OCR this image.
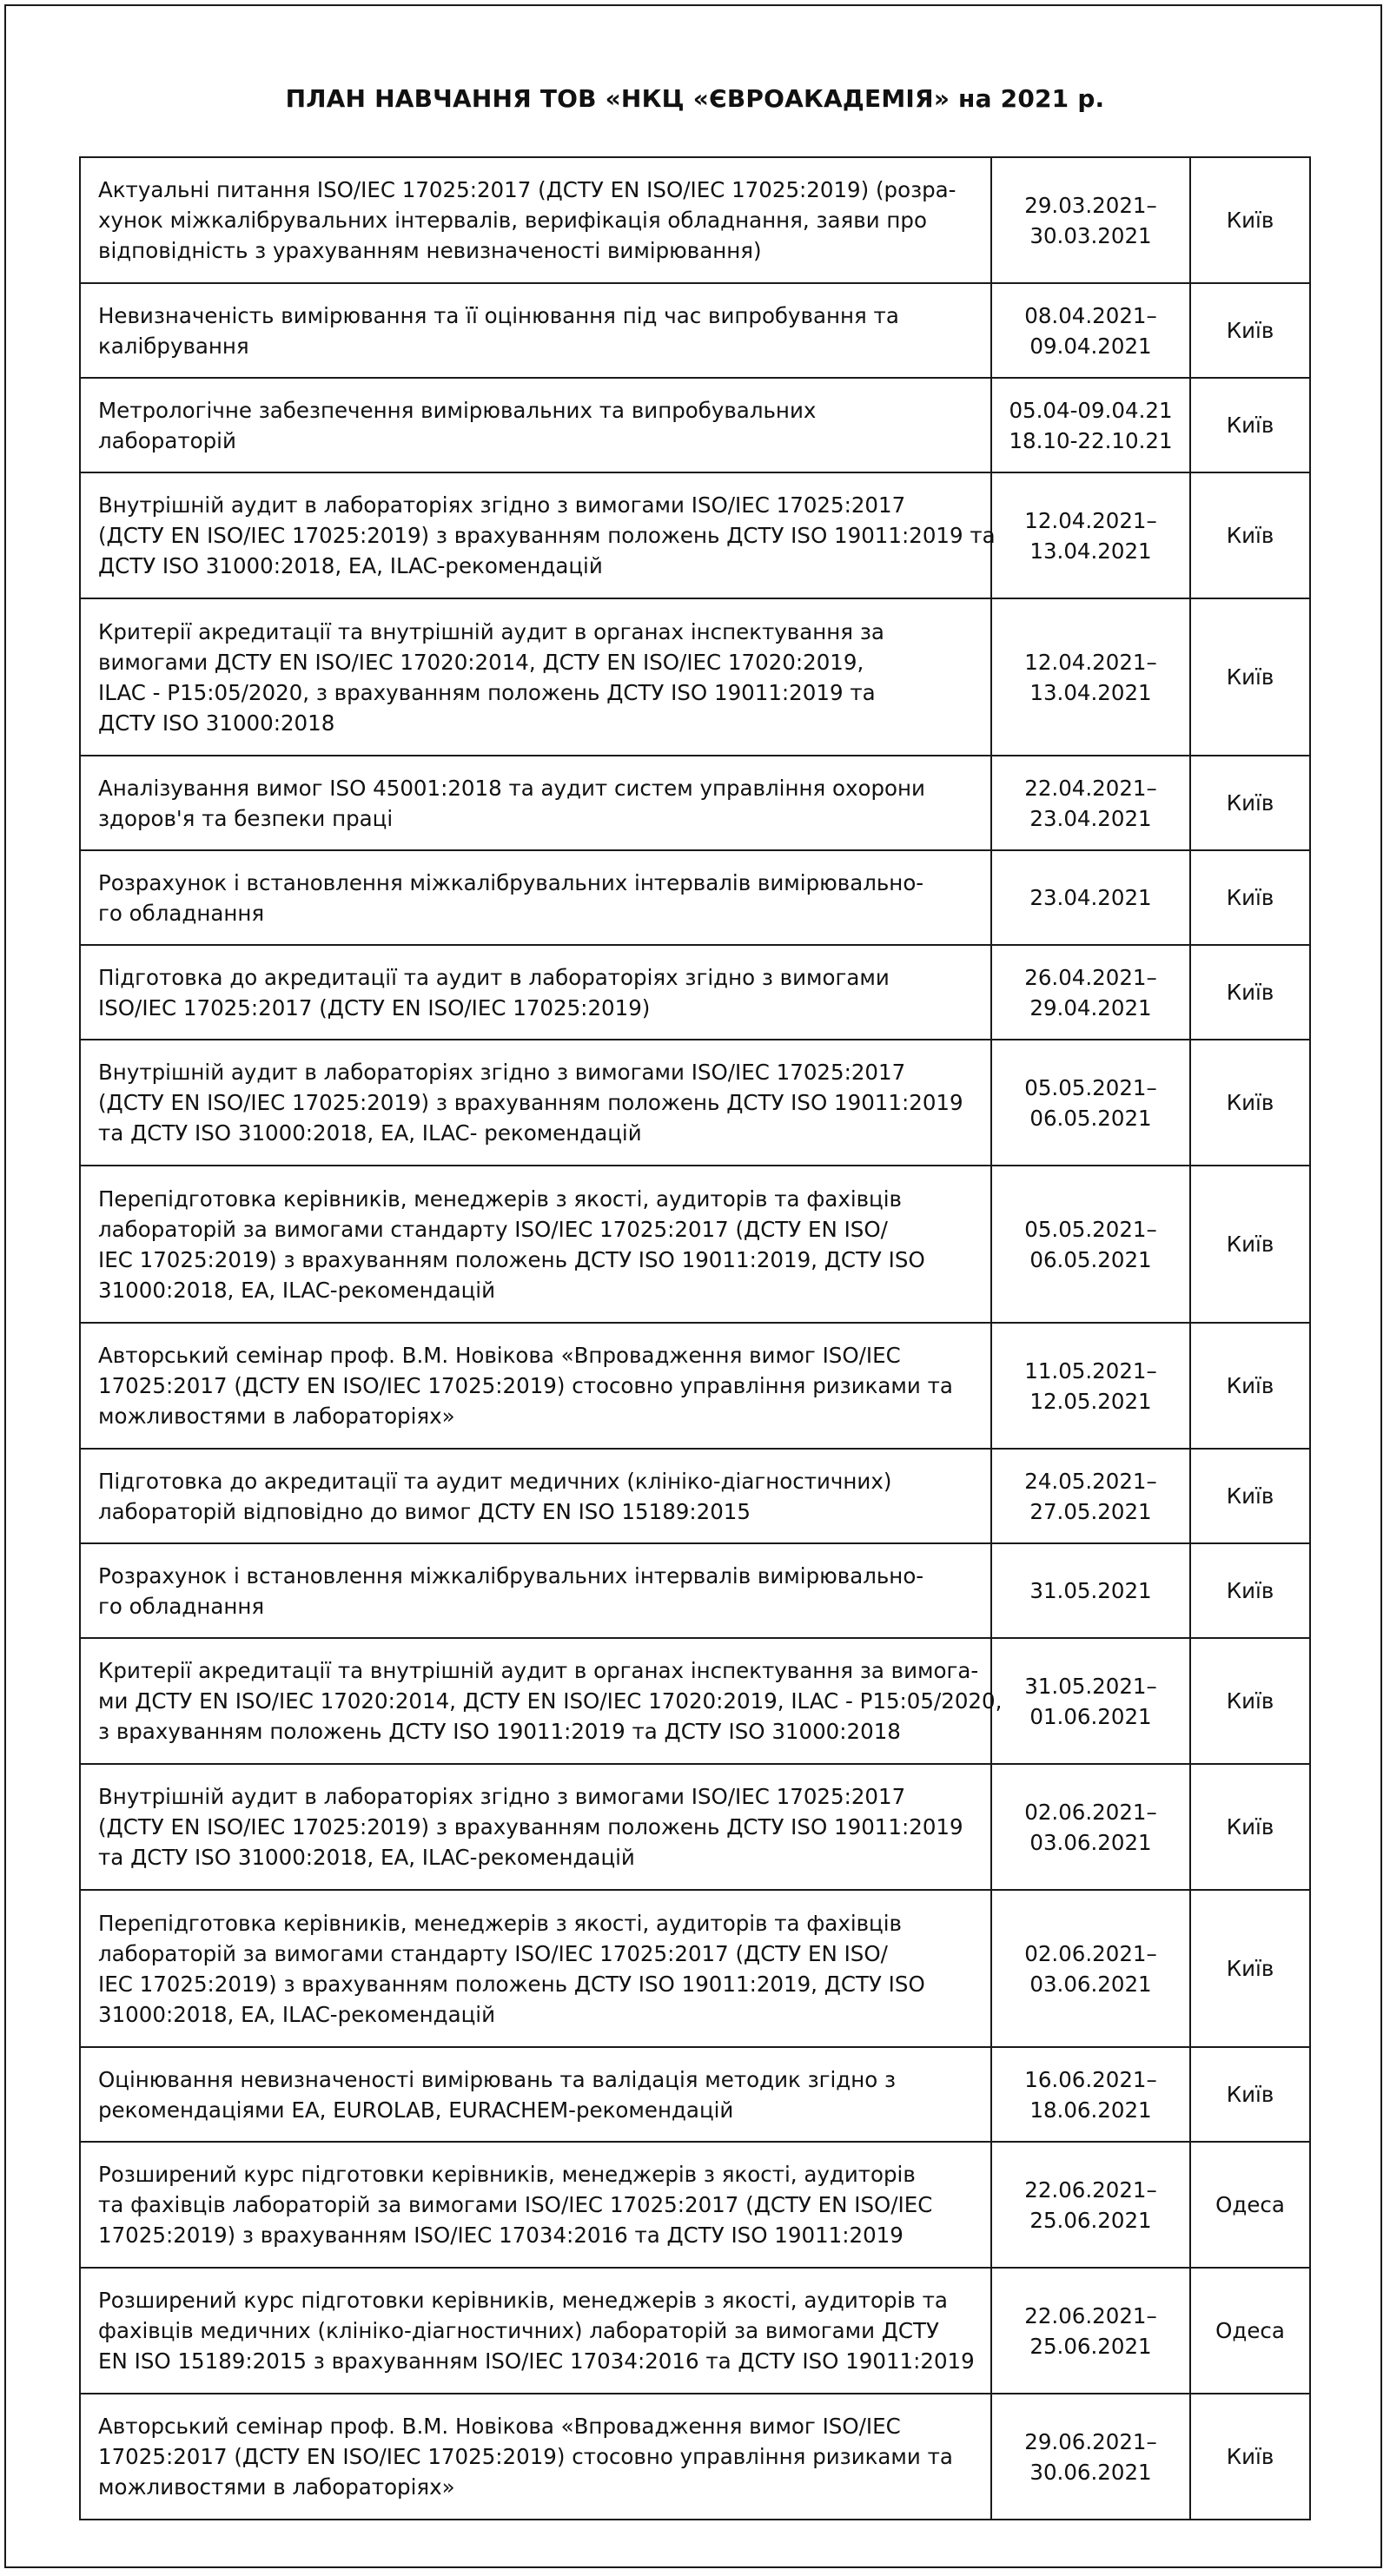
ПЛАН НАВЧАННЯ ТОВ «НКЦ «ЄВРОАКАДЕМІЯ» на 2021 р.
Актуальні питання ISO/IEC 17025:2017 (ДСТУ EN ISO/IEC 17025:2019) (розра-
хунок міжкалібрувальних інтервалів, верифікація обладнання, заяви про
відповідність з урахуванням невизначеності вимірювання)	29.03.2021–
30.03.2021	Київ

Невизначеність вимірювання та її оцінювання під час випробування та
калібрування	08.04.2021–
09.04.2021	Київ

Метрологічне забезпечення вимірювальних та випробувальних
лабораторій	05.04-09.04.21
18.10-22.10.21	Київ

Внутрішній аудит в лабораторіях згідно з вимогами ISO/IEC 17025:2017
(ДСТУ EN ISO/IEC 17025:2019) з врахуванням положень ДСТУ ISO 19011:2019 та
ДСТУ ISO 31000:2018, EA, ILAC-рекомендацій	12.04.2021–
13.04.2021	Київ

Критерії акредитації та внутрішній аудит в органах інспектування за
вимогами ДСТУ EN ISO/IEC 17020:2014, ДСТУ EN ISO/IEC 17020:2019,
ILAC - P15:05/2020, з врахуванням положень ДСТУ ISO 19011:2019 та
ДСТУ ISO 31000:2018	12.04.2021–
13.04.2021	Київ

Аналізування вимог ISO 45001:2018 та аудит систем управління охорони
здоров'я та безпеки праці	22.04.2021–
23.04.2021	Київ

Розрахунок і встановлення міжкалібрувальних інтервалів вимірювально-
го обладнання	23.04.2021	Київ

Підготовка до акредитації та аудит в лабораторіях згідно з вимогами
ISO/IEC 17025:2017 (ДСТУ EN ISO/IEC 17025:2019)	26.04.2021–
29.04.2021	Київ

Внутрішній аудит в лабораторіях згідно з вимогами ISO/IEC 17025:2017
(ДСТУ EN ISO/IEC 17025:2019) з врахуванням положень ДСТУ ISO 19011:2019
та ДСТУ ISO 31000:2018, EA, ILAC- рекомендацій	05.05.2021–
06.05.2021	Київ

Перепідготовка керівників, менеджерів з якості, аудиторів та фахівців
лабораторій за вимогами стандарту ISO/IEC 17025:2017 (ДСТУ EN ISO/
IEC 17025:2019) з врахуванням положень ДСТУ ISO 19011:2019, ДСТУ ISO
31000:2018, EA, ILAC-рекомендацій	05.05.2021–
06.05.2021	Київ

Авторський семінар проф. В.М. Новікова «Впровадження вимог ISO/IEC
17025:2017 (ДСТУ EN ISO/IEC 17025:2019) стосовно управління ризиками та
можливостями в лабораторіях»	11.05.2021–
12.05.2021	Київ

Підготовка до акредитації та аудит медичних (клініко-діагностичних)
лабораторій відповідно до вимог ДСТУ EN ISO 15189:2015	24.05.2021–
27.05.2021	Київ

Розрахунок і встановлення міжкалібрувальних інтервалів вимірювально-
го обладнання	31.05.2021	Київ

Критерії акредитації та внутрішній аудит в органах інспектування за вимога-
ми ДСТУ EN ISO/IEC 17020:2014, ДСТУ EN ISO/IEC 17020:2019, ILAC - P15:05/2020,
з врахуванням положень ДСТУ ISO 19011:2019 та ДСТУ ISO 31000:2018	31.05.2021–
01.06.2021	Київ

Внутрішній аудит в лабораторіях згідно з вимогами ISO/IEC 17025:2017
(ДСТУ EN ISO/IEC 17025:2019) з врахуванням положень ДСТУ ISO 19011:2019
та ДСТУ ISO 31000:2018, EA, ILAC-рекомендацій	02.06.2021–
03.06.2021	Київ

Перепідготовка керівників, менеджерів з якості, аудиторів та фахівців
лабораторій за вимогами стандарту ISO/IEC 17025:2017 (ДСТУ EN ISO/
IEC 17025:2019) з врахуванням положень ДСТУ ISO 19011:2019, ДСТУ ISO
31000:2018, EA, ILAC-рекомендацій	02.06.2021–
03.06.2021	Київ

Оцінювання невизначеності вимірювань та валідація методик згідно з
рекомендаціями EA, EUROLAB, EURACHEM-рекомендацій	16.06.2021–
18.06.2021	Київ

Розширений курс підготовки керівників, менеджерів з якості, аудиторів
та фахівців лабораторій за вимогами ISO/IEC 17025:2017 (ДСТУ EN ISO/IEC
17025:2019) з врахуванням ISO/IEC 17034:2016 та ДСТУ ISO 19011:2019	22.06.2021–
25.06.2021	Одеса

Розширений курс підготовки керівників, менеджерів з якості, аудиторів та
фахівців медичних (клініко-діагностичних) лабораторій за вимогами ДСТУ
EN ISO 15189:2015 з врахуванням ISO/IEC 17034:2016 та ДСТУ ISO 19011:2019	22.06.2021–
25.06.2021	Одеса

Авторський семінар проф. В.М. Новікова «Впровадження вимог ISO/IEC
17025:2017 (ДСТУ EN ISO/IEC 17025:2019) стосовно управління ризиками та
можливостями в лабораторіях»	29.06.2021–
30.06.2021	Київ
